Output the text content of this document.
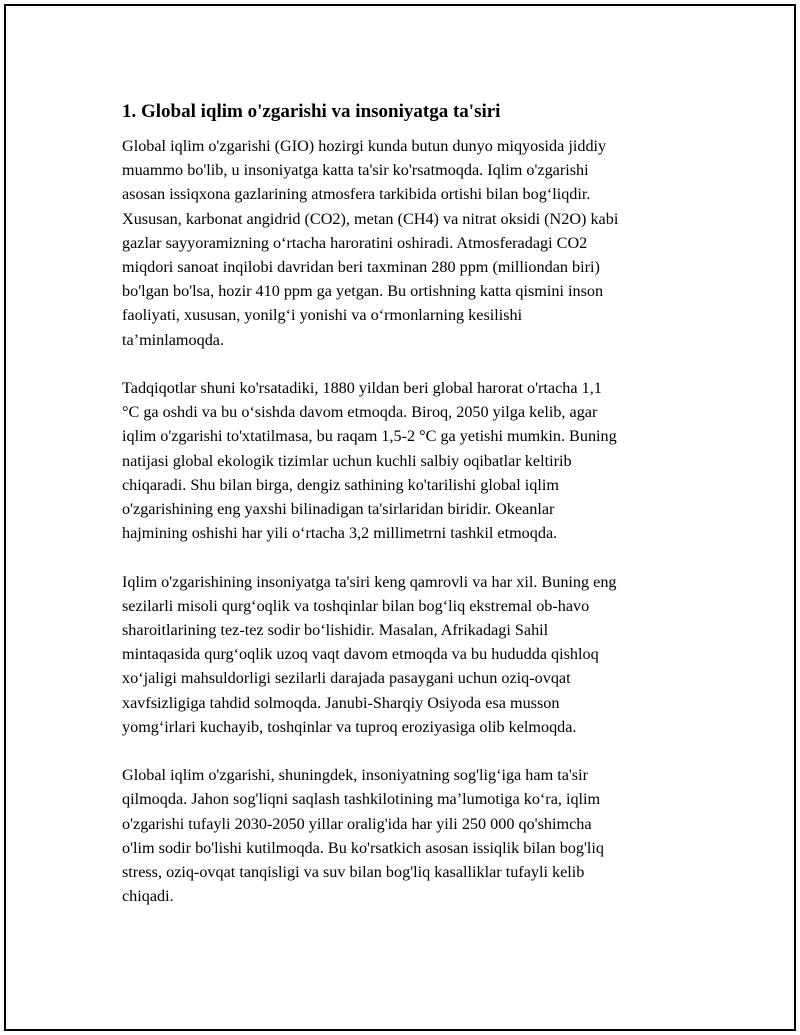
1. Global iqlim o'zgarishi va insoniyatga ta'siri

Global iqlim o'zgarishi (GIO) hozirgi kunda butun dunyo miqyosida jiddiy
muammo bo'lib, u insoniyatga katta ta'sir ko'rsatmoqda. Iqlim o'zgarishi
asosan issiqxona gazlarining atmosfera tarkibida ortishi bilan bog‘liqdir.
Xususan, karbonat angidrid (CO2), metan (CH4) va nitrat oksidi (N2O) kabi
gazlar sayyoramizning o‘rtacha haroratini oshiradi. Atmosferadagi CO2
miqdori sanoat inqilobi davridan beri taxminan 280 ppm (milliondan biri)
bo'lgan bo'lsa, hozir 410 ppm ga yetgan. Bu ortishning katta qismini inson
faoliyati, xususan, yonilg‘i yonishi va o‘rmonlarning kesilishi
ta’minlamoqda.

Tadqiqotlar shuni ko'rsatadiki, 1880 yildan beri global harorat o'rtacha 1,1
°C ga oshdi va bu o‘sishda davom etmoqda. Biroq, 2050 yilga kelib, agar
iqlim o'zgarishi to'xtatilmasa, bu raqam 1,5-2 °C ga yetishi mumkin. Buning
natijasi global ekologik tizimlar uchun kuchli salbiy oqibatlar keltirib
chiqaradi. Shu bilan birga, dengiz sathining ko'tarilishi global iqlim
o'zgarishining eng yaxshi bilinadigan ta'sirlaridan biridir. Okeanlar
hajmining oshishi har yili o‘rtacha 3,2 millimetrni tashkil etmoqda.

Iqlim o'zgarishining insoniyatga ta'siri keng qamrovli va har xil. Buning eng
sezilarli misoli qurg‘oqlik va toshqinlar bilan bog‘liq ekstremal ob-havo
sharoitlarining tez-tez sodir bo‘lishidir. Masalan, Afrikadagi Sahil
mintaqasida qurg‘oqlik uzoq vaqt davom etmoqda va bu hududda qishloq
xo‘jaligi mahsuldorligi sezilarli darajada pasaygani uchun oziq-ovqat
xavfsizligiga tahdid solmoqda. Janubi-Sharqiy Osiyoda esa musson
yomg‘irlari kuchayib, toshqinlar va tuproq eroziyasiga olib kelmoqda.

Global iqlim o'zgarishi, shuningdek, insoniyatning sog'lig‘iga ham ta'sir
qilmoqda. Jahon sog'liqni saqlash tashkilotining ma’lumotiga ko‘ra, iqlim
o'zgarishi tufayli 2030-2050 yillar oralig'ida har yili 250 000 qo'shimcha
o'lim sodir bo'lishi kutilmoqda. Bu ko'rsatkich asosan issiqlik bilan bog'liq
stress, oziq-ovqat tanqisligi va suv bilan bog'liq kasalliklar tufayli kelib
chiqadi.
